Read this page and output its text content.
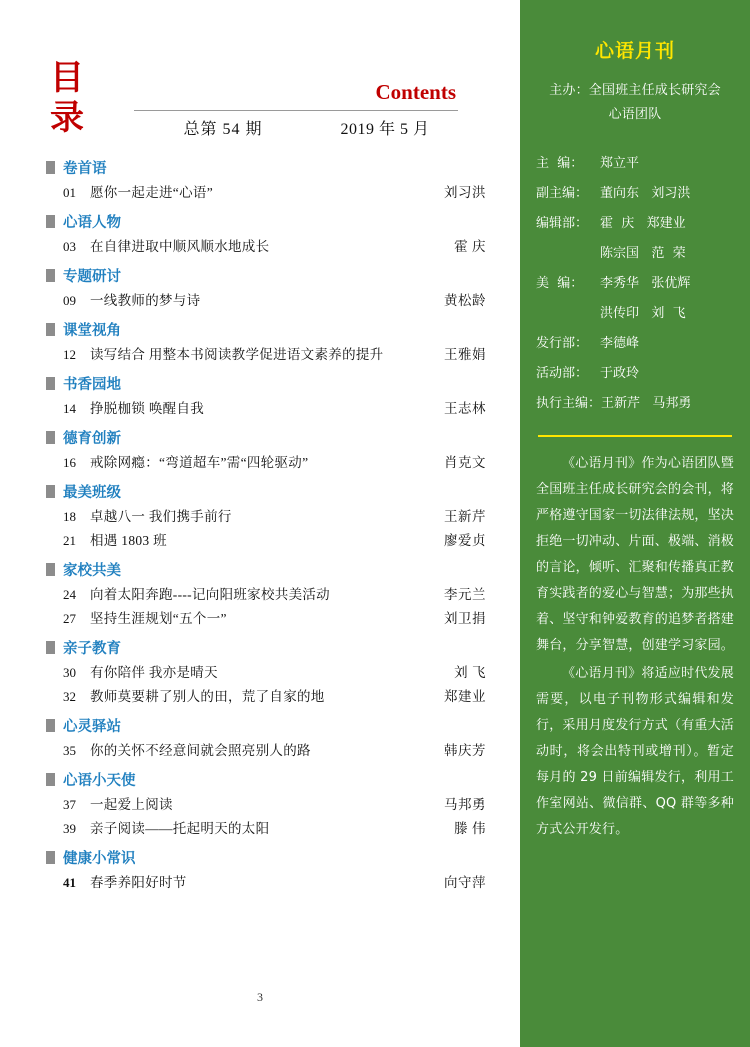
目录
Contents
总第 54 期	2019 年 5 月
卷首语
01	愿你一起走进“心语”	刘习洪
心语人物
03	在自律进取中顺风顺水地成长	霍 庆
专题研讨
09	一线教师的梦与诗	黄松龄
课堂视角
12	读写结合 用整本书阅读教学促进语文素养的提升	王雅娟
书香园地
14	挣脱枷锁 唤醒自我	王志林
德育创新
16	戒除网瘾：“弯道超车”需“四轮驱动”	肖克文
最美班级
18	卓越八一 我们携手前行	王新芹
21	相遇 1803 班	廖爱贞
家校共美
24	向着太阳奔跑----记向阳班家校共美活动	李元兰
27	坚持生涯规划“五个一”	刘卫捐
亲子教育
30	有你陪伴 我亦是晴天	刘 飞
32	教师莫要耕了别人的田，荒了自家的地	郑建业
心灵驿站
35	你的关怀不经意间就会照亮别人的路	韩庆芳
心语小天使
37	一起爱上阅读	马邦勇
39	亲子阅读——托起明天的太阳	滕 伟
健康小常识
41	春季养阳好时节	向守萍
3
心语月刊
主办：全国班主任成长研究会
心语团队
主  编：	郑立平
副主编： 董向东   刘习洪
编辑部： 霍  庆   郑建业
陈宗国   范  荣
美  编：	李秀华   张优辉
洪传印   刘  飞
发行部： 李德峰
活动部： 于政玲
执行主编： 王新芹   马邦勇

《心语月刊》作为心语团队暨全国班主任成长研究会的会刊，将严格遵守国家一切法律法规，坚决拒绝一切冲动、片面、极端、消极的言论，倾听、汇聚和传播真正教育实践者的爱心与智慧；为那些执着、坚守和钟爱教育的追梦者搭建舞台，分享智慧，创建学习家园。

《心语月刊》将适应时代发展需要，以电子刊物形式编辑和发行，采用月度发行方式（有重大活动时，将会出特刊或增刊）。暂定每月的 29 日前编辑发行，利用工作室网站、微信群、QQ 群等多种方式公开发行。
